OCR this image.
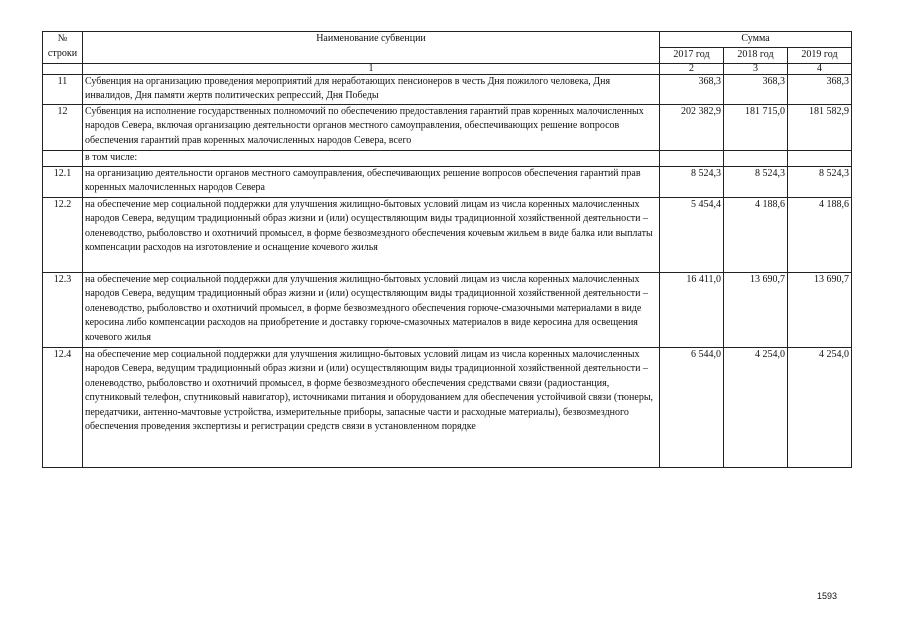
№ строки	Наименование субвенции	Сумма		
		2017 год	2018 год	2019 год
	1	2	3	4
11	Субвенция на организацию проведения мероприятий для неработающих пенсионеров в честь Дня пожилого человека, Дня инвалидов, Дня памяти жертв политических репрессий, Дня Победы	368,3	368,3	368,3
12	Субвенция на исполнение государственных полномочий по обеспечению предоставления гарантий прав коренных малочисленных народов Севера, включая организацию деятельности органов местного самоуправления, обеспечивающих решение вопросов обеспечения гарантий прав коренных малочисленных народов Севера, всего	202 382,9	181 715,0	181 582,9
	в том числе:			
12.1	на организацию деятельности органов местного самоуправления, обеспечивающих решение вопросов обеспечения гарантий прав коренных малочисленных народов Севера	8 524,3	8 524,3	8 524,3
12.2	на обеспечение мер социальной поддержки для улучшения жилищно-бытовых условий лицам из числа коренных малочисленных народов Севера, ведущим традиционный образ жизни и (или) осуществляющим виды традиционной хозяйственной деятельности – оленеводство, рыболовство и охотничий промысел, в форме безвозмездного обеспечения кочевым жильем в виде балка или выплаты компенсации расходов на изготовление и оснащение кочевого жилья	5 454,4	4 188,6	4 188,6
12.3	на обеспечение мер социальной поддержки для улучшения жилищно-бытовых условий лицам из числа коренных малочисленных народов Севера, ведущим традиционный образ жизни и (или) осуществляющим виды традиционной хозяйственной деятельности – оленеводство, рыболовство и охотничий промысел, в форме безвозмездного обеспечения горюче-смазочными материалами в виде керосина либо компенсации расходов на приобретение и доставку горюче-смазочных материалов в виде керосина для освещения кочевого жилья	16 411,0	13 690,7	13 690,7
12.4	на обеспечение мер социальной поддержки для улучшения жилищно-бытовых условий лицам из числа коренных малочисленных народов Севера, ведущим традиционный образ жизни и (или) осуществляющим виды традиционной хозяйственной деятельности – оленеводство, рыболовство и охотничий промысел, в форме безвозмездного обеспечения средствами связи (радиостанция, спутниковый телефон, спутниковый навигатор), источниками питания и оборудованием для обеспечения устойчивой связи (тюнеры, передатчики, антенно-мачтовые устройства, измерительные приборы, запасные части и расходные материалы), безвозмездного обеспечения проведения экспертизы и регистрации средств связи в установленном порядке	6 544,0	4 254,0	4 254,0
1593
